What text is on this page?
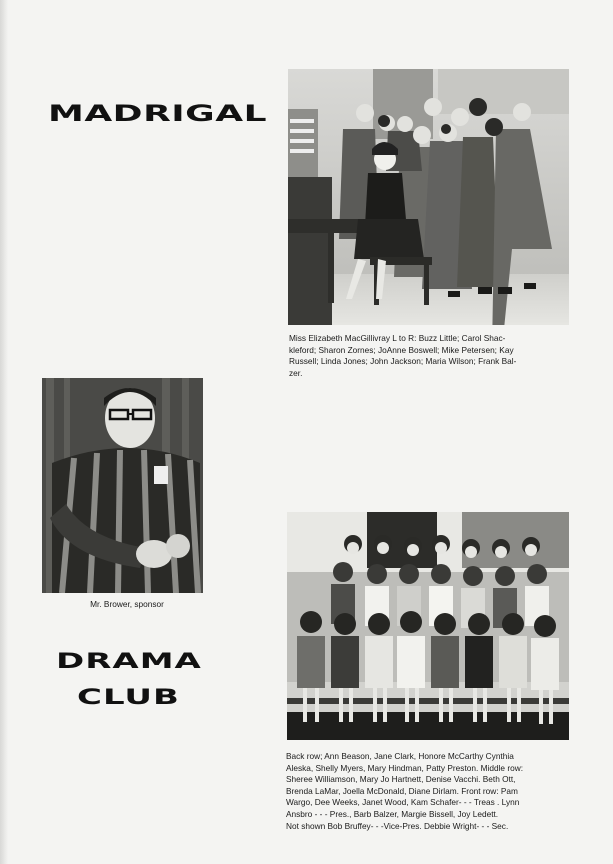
MADRIGAL
Miss Elizabeth MacGillivray L to R: Buzz Little; Carol Shac-
kleford; Sharon Zornes; JoAnne Boswell; Mike Petersen; Kay
Russell; Linda Jones; John Jackson; Maria Wilson; Frank Bal-
zer.
Mr. Brower, sponsor
DRAMA
CLUB
Back row; Ann Beason, Jane Clark, Honore McCarthy Cynthia
Aleska, Shelly Myers, Mary Hindman, Patty Preston. Middle row:
Sheree Williamson, Mary Jo Hartnett, Denise Vacchi. Beth Ott,
Brenda LaMar, Joella McDonald, Diane Dirlam. Front row: Pam
Wargo, Dee Weeks, Janet Wood, Kam Schafer- - - Treas . Lynn
Ansbro - - - Pres., Barb Balzer, Margie Bissell, Joy Ledett.
Not shown Bob Bruffey- - -Vice-Pres. Debbie Wright- - - Sec.
